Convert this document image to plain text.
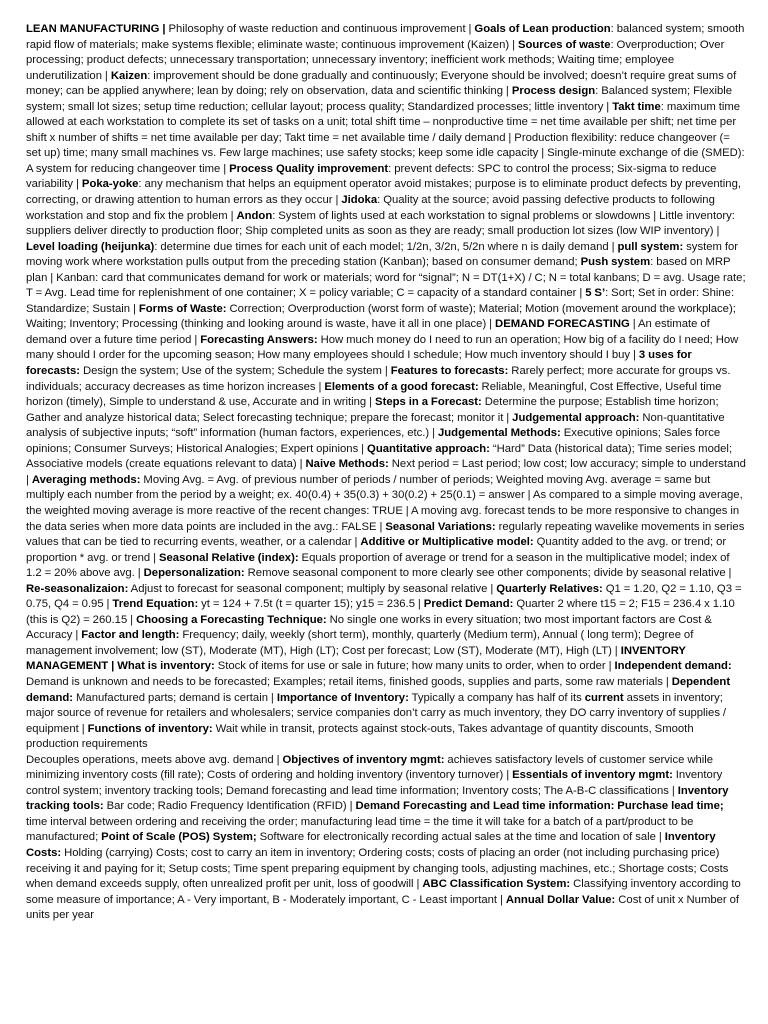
LEAN MANUFACTURING | Philosophy of waste reduction and continuous improvement | Goals of Lean production: balanced system; smooth rapid flow of materials; make systems flexible; eliminate waste; continuous improvement (Kaizen) | Sources of waste: Overproduction; Over processing; product defects; unnecessary transportation; unnecessary inventory; inefficient work methods; Waiting time; employee underutilization | Kaizen: improvement should be done gradually and continuously; Everyone should be involved; doesn’t require great sums of money; can be applied anywhere; lean by doing; rely on observation, data and scientific thinking | Process design: Balanced system; Flexible system; small lot sizes; setup time reduction; cellular layout; process quality; Standardized processes; little inventory | Takt time: maximum time allowed at each workstation to complete its set of tasks on a unit; total shift time – nonproductive time = net time available per shift; net time per shift x number of shifts = net time available per day; Takt time = net available time / daily demand | Production flexibility: reduce changeover (= set up) time; many small machines vs. Few large machines; use safety stocks; keep some idle capacity | Single-minute exchange of die (SMED): A system for reducing changeover time | Process Quality improvement: prevent defects: SPC to control the process; Six-sigma to reduce variability | Poka-yoke: any mechanism that helps an equipment operator avoid mistakes; purpose is to eliminate product defects by preventing, correcting, or drawing attention to human errors as they occur | Jidoka: Quality at the source; avoid passing defective products to following workstation and stop and fix the problem | Andon: System of lights used at each workstation to signal problems or slowdowns | Little inventory: suppliers deliver directly to production floor; Ship completed units as soon as they are ready; small production lot sizes (low WIP inventory) | Level loading (heijunka): determine due times for each unit of each model; 1/2n, 3/2n, 5/2n where n is daily demand | pull system: system for moving work where workstation pulls output from the preceding station (Kanban); based on consumer demand; Push system: based on MRP plan | Kanban: card that communicates demand for work or materials; word for “signal”; N = DT(1+X) / C; N = total kanbans; D = avg. Usage rate; T = Avg. Lead time for replenishment of one container; X = policy variable; C = capacity of a standard container | 5 S’: Sort; Set in order: Shine: Standardize; Sustain | Forms of Waste: Correction; Overproduction (worst form of waste); Material; Motion (movement around the workplace); Waiting; Inventory; Processing (thinking and looking around is waste, have it all in one place) | DEMAND FORECASTING | An estimate of demand over a future time period | Forecasting Answers: How much money do I need to run an operation; How big of a facility do I need; How many should I order for the upcoming season; How many employees should I schedule; How much inventory should I buy | 3 uses for forecasts: Design the system; Use of the system; Schedule the system | Features to forecasts: Rarely perfect; more accurate for groups vs. individuals; accuracy decreases as time horizon increases | Elements of a good forecast: Reliable, Meaningful, Cost Effective, Useful time horizon (timely), Simple to understand & use, Accurate and in writing | Steps in a Forecast: Determine the purpose; Establish time horizon; Gather and analyze historical data; Select forecasting technique; prepare the forecast; monitor it | Judgemental approach: Non-quantitative analysis of subjective inputs; “soft” information (human factors, experiences, etc.) | Judgemental Methods: Executive opinions; Sales force opinions; Consumer Surveys; Historical Analogies; Expert opinions | Quantitative approach: “Hard” Data (historical data); Time series model; Associative models (create equations relevant to data) | Naive Methods: Next period = Last period; low cost; low accuracy; simple to understand | Averaging methods: Moving Avg. = Avg. of previous number of periods / number of periods; Weighted moving Avg. average = same but multiply each number from the period by a weight; ex. 40(0.4) + 35(0.3) + 30(0.2) + 25(0.1) = answer | As compared to a simple moving average, the weighted moving average is more reactive of the recent changes: TRUE | A moving avg. forecast tends to be more responsive to changes in the data series when more data points are included in the avg.: FALSE | Seasonal Variations: regularly repeating wavelike movements in series values that can be tied to recurring events, weather, or a calendar | Additive or Multiplicative model: Quantity added to the avg. or trend; or proportion * avg. or trend | Seasonal Relative (index): Equals proportion of average or trend for a season in the multiplicative model; index of 1.2 = 20% above avg. | Depersonalization: Remove seasonal component to more clearly see other components; divide by seasonal relative | Re-seasonalizaion: Adjust to forecast for seasonal component; multiply by seasonal relative | Quarterly Relatives: Q1 = 1.20, Q2 = 1.10, Q3 = 0.75, Q4 = 0.95 | Trend Equation: yt = 124 + 7.5t (t = quarter 15); y15 = 236.5 | Predict Demand: Quarter 2 where t15 = 2; F15 = 236.4 x 1.10 (this is Q2) = 260.15 | Choosing a Forecasting Technique: No single one works in every situation; two most important factors are Cost & Accuracy | Factor and length: Frequency; daily, weekly (short term), monthly, quarterly (Medium term), Annual ( long term); Degree of management involvement; low (ST), Moderate (MT), High (LT); Cost per forecast; Low (ST), Moderate (MT), High (LT) | INVENTORY MANAGEMENT | What is inventory: Stock of items for use or sale in future; how many units to order, when to order | Independent demand: Demand is unknown and needs to be forecasted; Examples; retail items, finished goods, supplies and parts, some raw materials | Dependent demand: Manufactured parts; demand is certain | Importance of Inventory: Typically a company has half of its current assets in inventory; major source of revenue for retailers and wholesalers; service companies don’t carry as much inventory, they DO carry inventory of supplies / equipment | Functions of inventory: Wait while in transit, protects against stock-outs, Takes advantage of quantity discounts, Smooth production requirements

Decouples operations, meets above avg. demand | Objectives of inventory mgmt: achieves satisfactory levels of customer service while minimizing inventory costs (fill rate); Costs of ordering and holding inventory (inventory turnover) | Essentials of inventory mgmt: Inventory control system; inventory tracking tools; Demand forecasting and lead time information; Inventory costs; The A-B-C classifications | Inventory tracking tools: Bar code; Radio Frequency Identification (RFID) | Demand Forecasting and Lead time information: Purchase lead time; time interval between ordering and receiving the order; manufacturing lead time = the time it will take for a batch of a part/product to be manufactured; Point of Scale (POS) System; Software for electronically recording actual sales at the time and location of sale | Inventory Costs: Holding (carrying) Costs; cost to carry an item in inventory; Ordering costs; costs of placing an order (not including purchasing price) receiving it and paying for it; Setup costs; Time spent preparing equipment by changing tools, adjusting machines, etc.; Shortage costs; Costs when demand exceeds supply, often unrealized profit per unit, loss of goodwill | ABC Classification System: Classifying inventory according to some measure of importance; A - Very important, B - Moderately important, C - Least important | Annual Dollar Value: Cost of unit x Number of units per year
